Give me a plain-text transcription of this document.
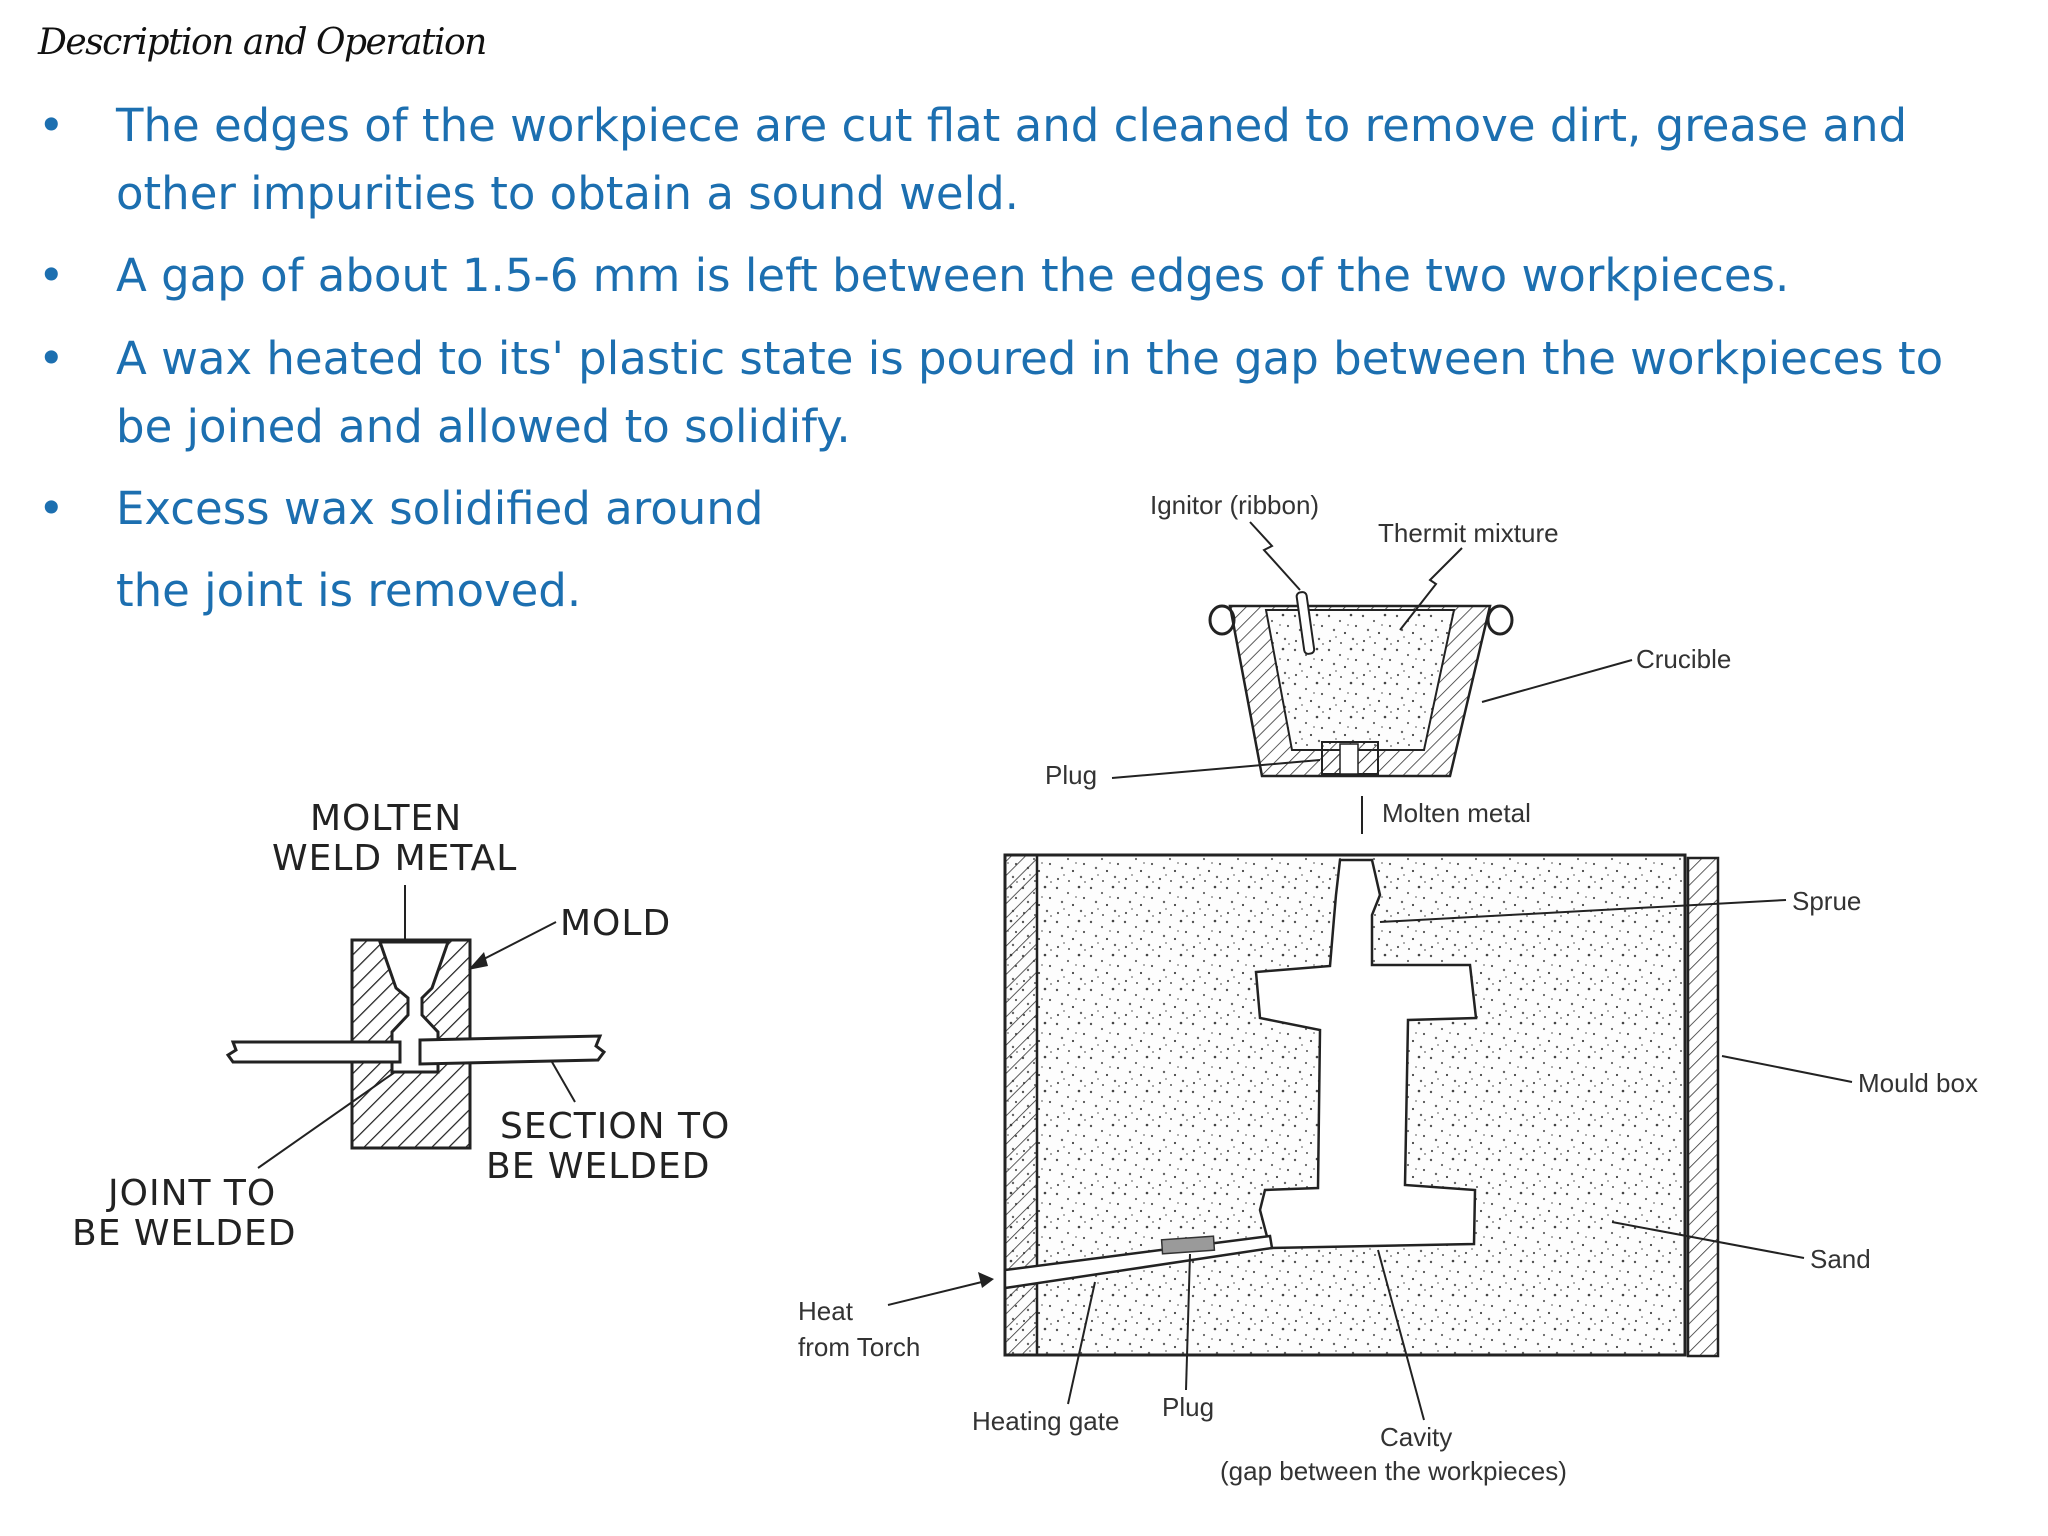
Description and Operation
• The edges of the workpiece are cut flat and cleaned to remove dirt, grease and
other impurities to obtain a sound weld.
• A gap of about 1.5-6 mm is left between the edges of the two workpieces.
• A wax heated to its' plastic state is poured in the gap between the workpieces to
be joined and allowed to solidify.
• Excess wax solidified around
the joint is removed.
MOLTEN
WELD METAL
MOLD
JOINT TO
BE WELDED
SECTION TO
BE WELDED
Ignitor (ribbon)
Thermit mixture
Crucible
Plug
Molten metal
Sprue
Mould box
Sand
Heat
from Torch
Heating gate Plug
Cavity
(gap between the workpieces)
